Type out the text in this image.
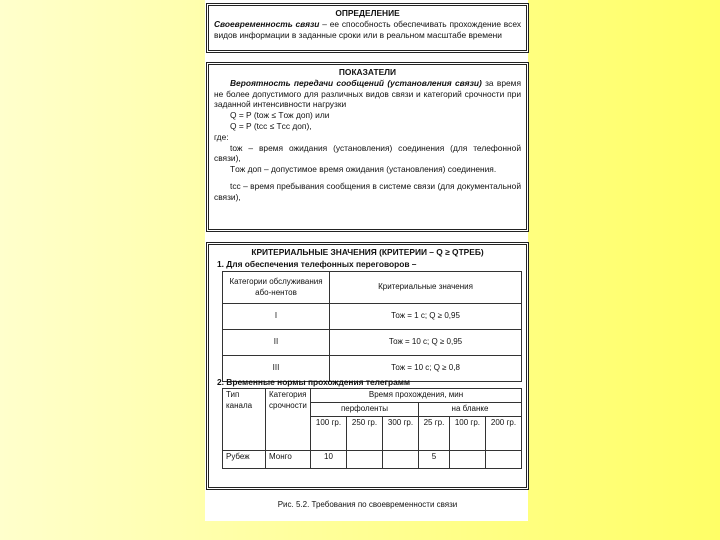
ОПРЕДЕЛЕНИЕ
Своевременность связи – ее способность обеспечивать прохождение всех видов информации в заданные сроки или в реальном масштабе времени
ПОКАЗАТЕЛИ
Вероятность передачи сообщений (установления связи) за время не более допустимого для различных видов связи и категорий срочности при заданной интенсивности нагрузки
Q = P (tож ≤ Tож доп) или
Q = P (tсс ≤ Tсс доп),
где:
tож – время ожидания (установления) соединения (для телефонной связи),
Tож доп – допустимое время ожидания (установления) соединения.
tсс – время пребывания сообщения в системе связи (для документальной связи),
КРИТЕРИАЛЬНЫЕ ЗНАЧЕНИЯ (КРИТЕРИИ – Q ≥ QТРЕБ)
1. Для обеспечения телефонных переговоров –
Категории обслуживания або-нентов	Критериальные значения
I	Тож = 1 с; Q ≥ 0,95
II	Тож = 10 с; Q ≥ 0,95
III	Тож = 10 с; Q ≥ 0,8
2. Временные нормы прохождения телеграмм
Тип канала	Категория срочности	Время прохождения, мин					
		перфоленты			на бланке		
		100 гр.	250 гр.	300 гр.	25 гр.	100 гр.	200 гр.
Рубеж	Монго	10			5		
Рис. 5.2. Требования по своевременности связи
